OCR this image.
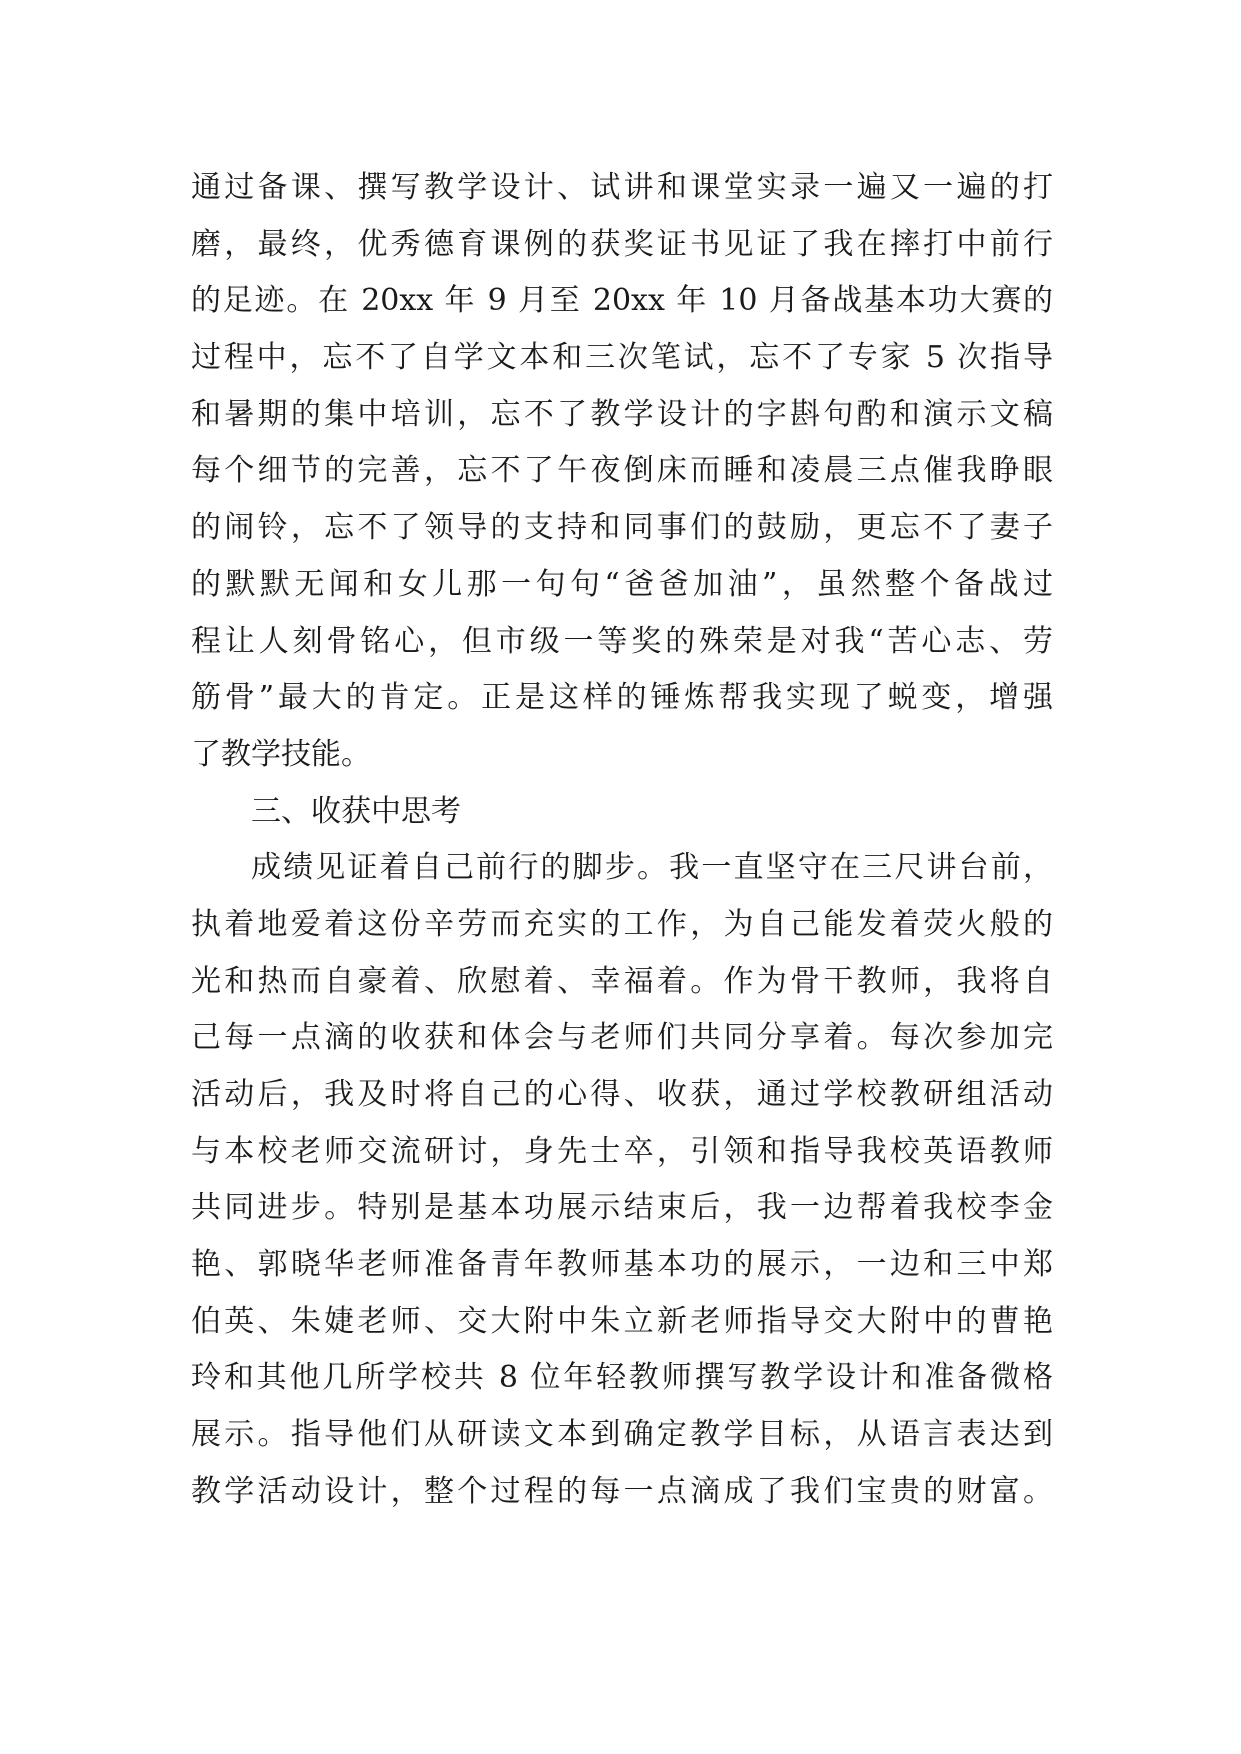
通过备课、撰写教学设计、试讲和课堂实录一遍又一遍的打
磨，最终，优秀德育课例的获奖证书见证了我在摔打中前行
的足迹。在 20xx 年 9 月至 20xx 年 10 月备战基本功大赛的
过程中，忘不了自学文本和三次笔试，忘不了专家 5 次指导
和暑期的集中培训，忘不了教学设计的字斟句酌和演示文稿
每个细节的完善，忘不了午夜倒床而睡和凌晨三点催我睁眼
的闹铃，忘不了领导的支持和同事们的鼓励，更忘不了妻子
的默默无闻和女儿那一句句“爸爸加油”，虽然整个备战过
程让人刻骨铭心，但市级一等奖的殊荣是对我“苦心志、劳
筋骨”最大的肯定。正是这样的锤炼帮我实现了蜕变，增强
了教学技能。
三、收获中思考
成绩见证着自己前行的脚步。我一直坚守在三尺讲台前，
执着地爱着这份辛劳而充实的工作，为自己能发着荧火般的
光和热而自豪着、欣慰着、幸福着。作为骨干教师，我将自
己每一点滴的收获和体会与老师们共同分享着。每次参加完
活动后，我及时将自己的心得、收获，通过学校教研组活动
与本校老师交流研讨，身先士卒，引领和指导我校英语教师
共同进步。特别是基本功展示结束后，我一边帮着我校李金
艳、郭晓华老师准备青年教师基本功的展示，一边和三中郑
伯英、朱婕老师、交大附中朱立新老师指导交大附中的曹艳
玲和其他几所学校共 8 位年轻教师撰写教学设计和准备微格
展示。指导他们从研读文本到确定教学目标，从语言表达到
教学活动设计，整个过程的每一点滴成了我们宝贵的财富。
